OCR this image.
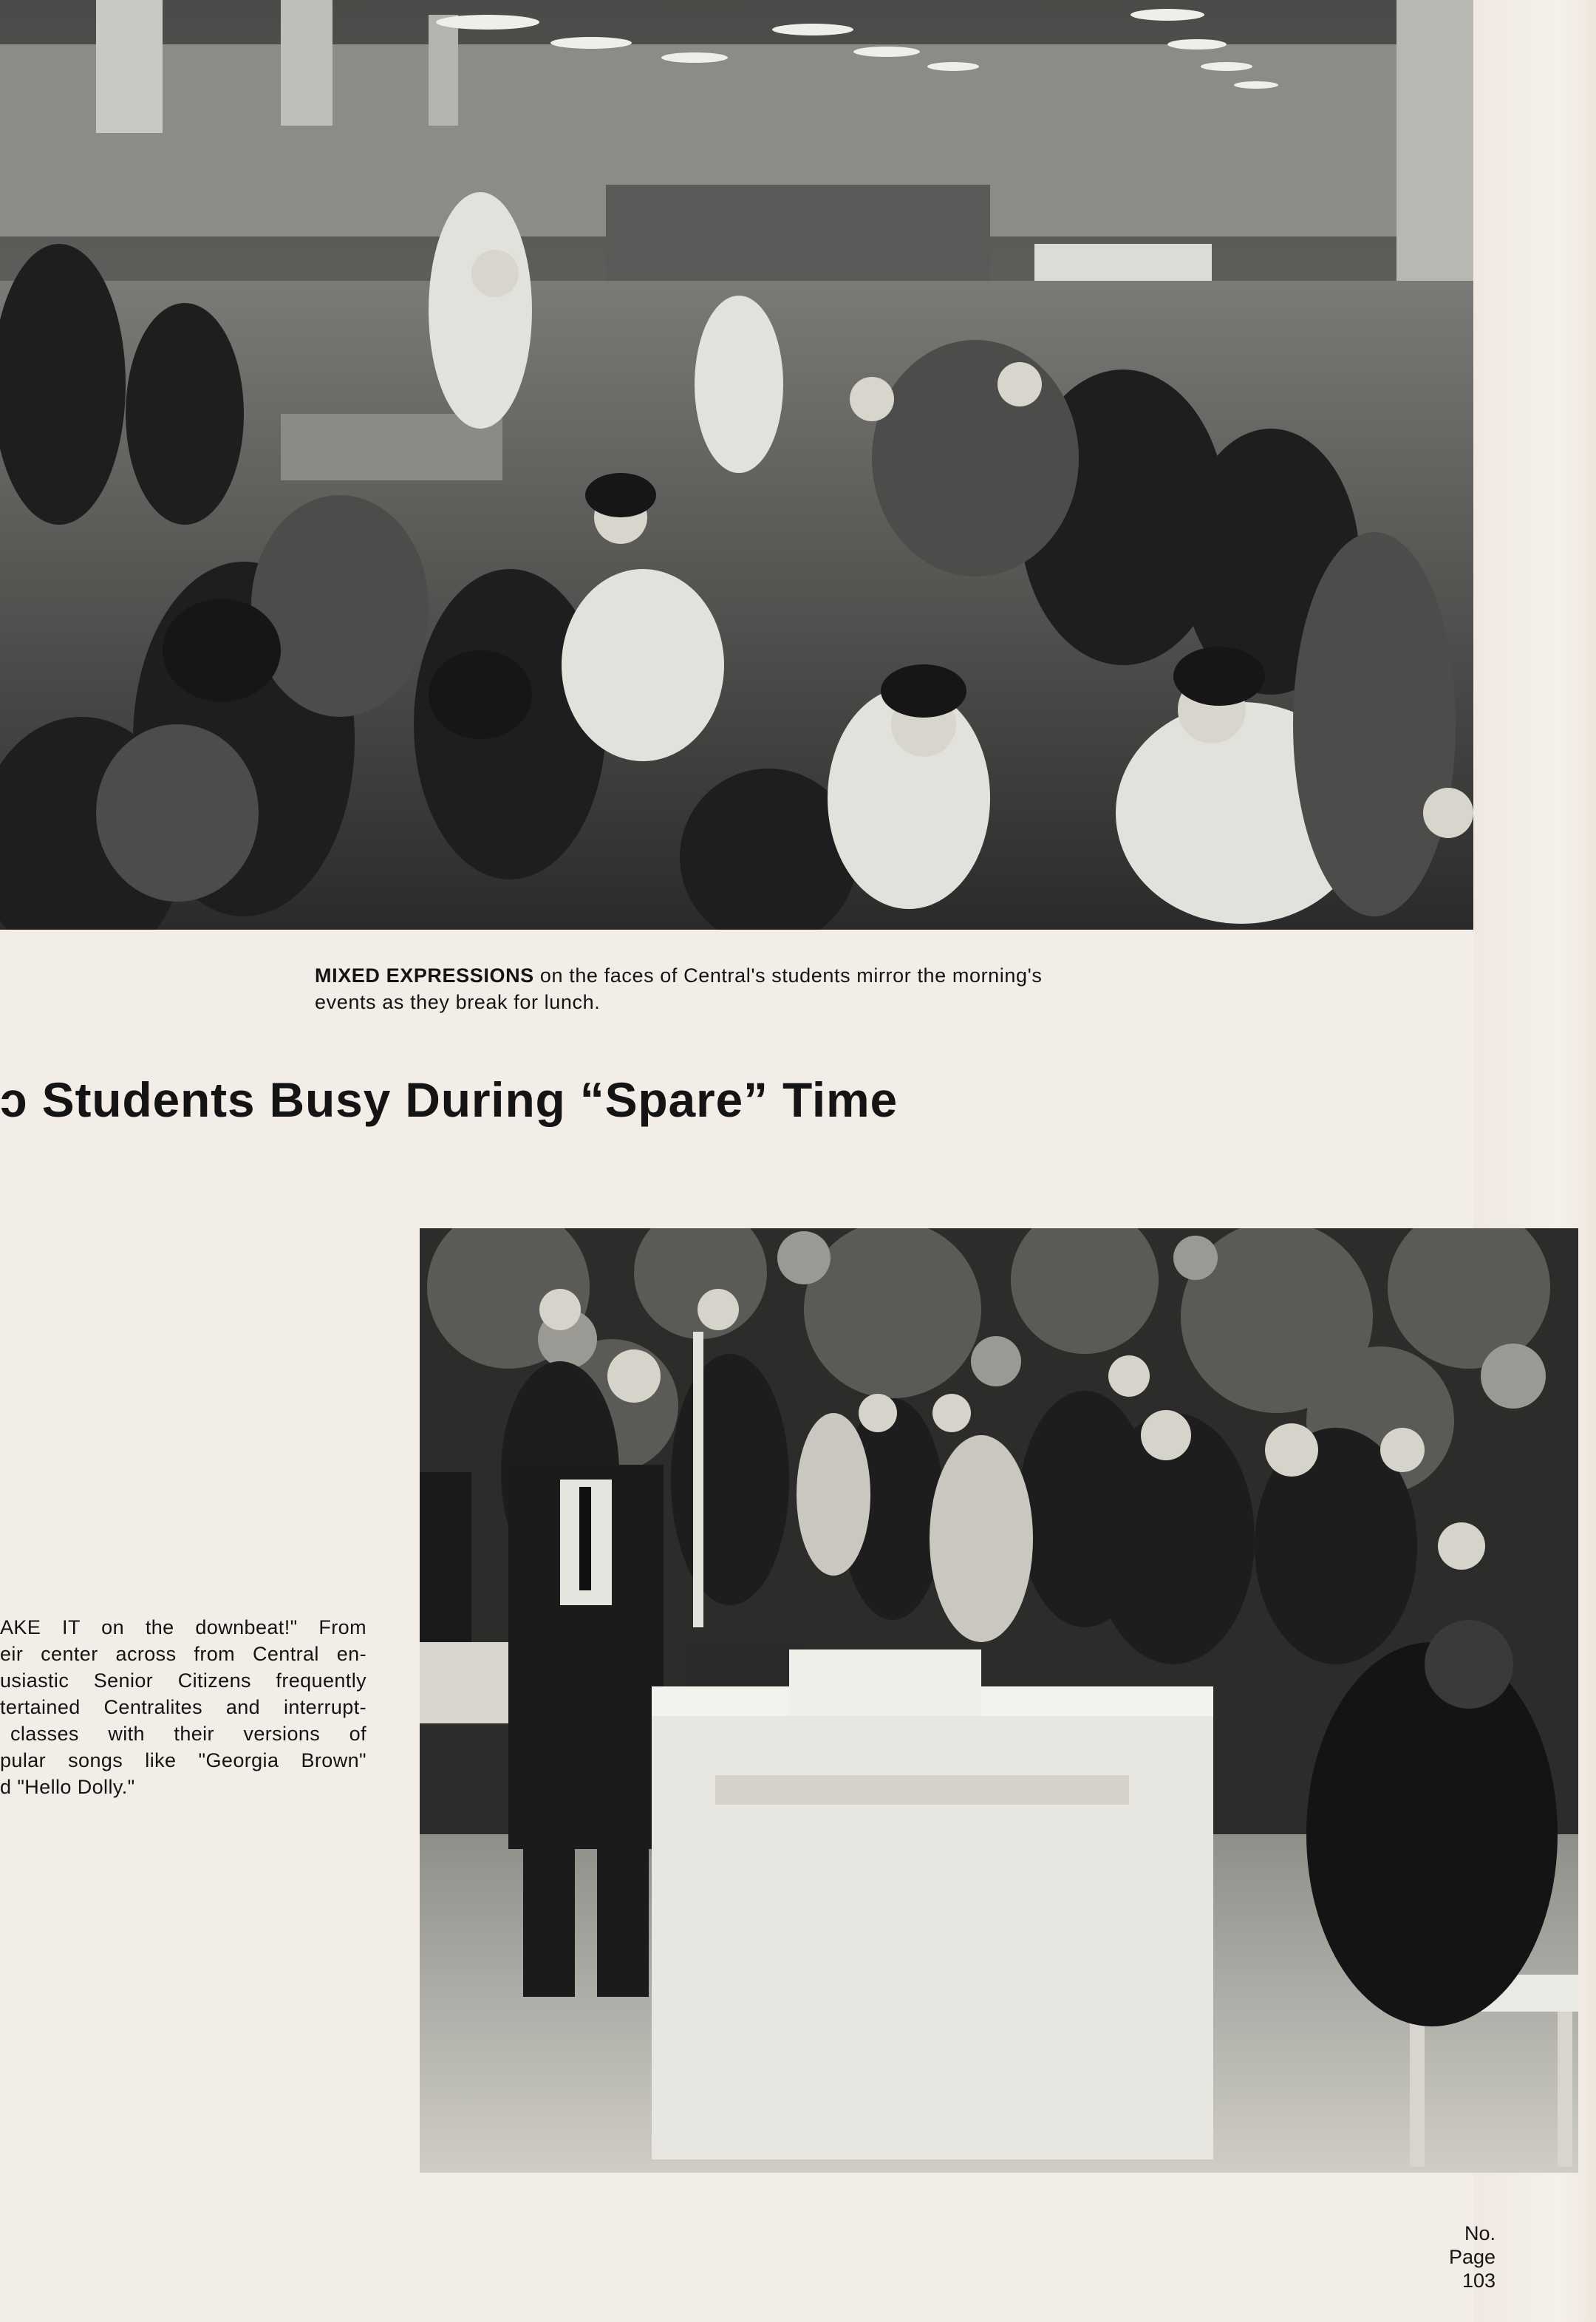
MIXED EXPRESSIONS on the faces of Central's students mirror the morning's
events as they break for lunch.
ɔ Students Busy During “Spare” Time
AKE IT on the downbeat!" From
eir center across from Central en-
usiastic Senior Citizens frequently
tertained Centralites and interrupt-
classes with their versions of
pular songs like "Georgia Brown"
d "Hello Dolly."
No.
Page
103
